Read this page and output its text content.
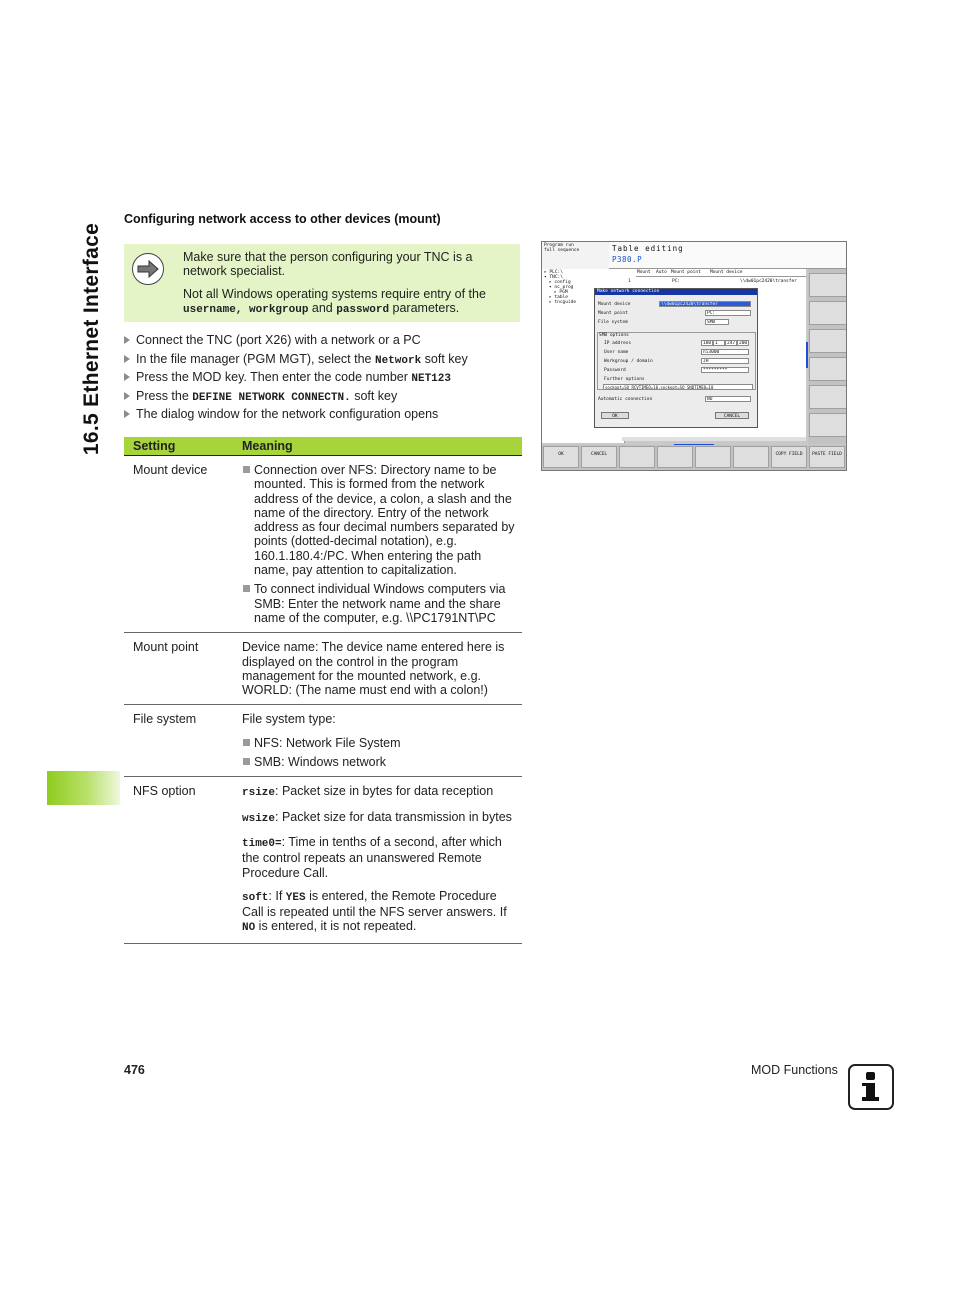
16.5 Ethernet Interface
Configuring network access to other devices (mount)

Make sure that the person configuring your TNC is a network specialist.

Not all Windows operating systems require entry of the username, workgroup and password parameters.

Connect the TNC (port X26) with a network or a PC
In the file manager (PGM MGT), select the Network soft key
Press the MOD key. Then enter the code number NET123
Press the DEFINE NETWORK CONNECTN. soft key
The dialog window for the network configuration opens
Setting	Meaning
Mount device	Connection over NFS: Directory name to be mounted. This is formed from the network address of the device, a colon, a slash and the name of the directory. Entry of the network address as four decimal numbers separated by points (dotted-decimal notation), e.g. 160.1.180.4:/PC. When entering the path name, pay attention to capitalization.
To connect individual Windows computers via SMB: Enter the network name and the share name of the computer, e.g. \\PC1791NT\PC
Mount point	Device name: The device name entered here is displayed on the control in the program management for the mounted network, e.g. WORLD: (The name must end with a colon!)
File system	File system type:
NFS: Network File System
SMB: Windows network
NFS option	rsize: Packet size in bytes for data reception
wsize: Packet size for data transmission in bytes
time0=: Time in tenths of a second, after which the control repeats an unanswered Remote Procedure Call.
soft: If YES is entered, the Remote Procedure Call is repeated until the NFS server answers. If NO is entered, it is not repeated.
Program run
full sequence	Table editing
P380.P
▸ PLC:\
▾ TNC:\
▸ config
▾ nc_prog
▸ PGM
▸ table
▸ tncguide
Mount Auto Mount point Mount device
1	PC:	\\dw01pc2420\transfer
Make network connection
Mount device	\\dw01pc2420\transfer
Mount point	PC:
File system	SMB
SMB options
IP address	180 1	247 200
User name	ni3000
Workgroup / domain	JH
Password	*********
Further options
sockopt=SO_RCVTIMEO=10,sockopt=SO_SNDTIMEO=10
Automatic connection	NO
OK	CANCEL
OK	CANCEL	COPY FIELD	PASTE FIELD
476	MOD Functions
